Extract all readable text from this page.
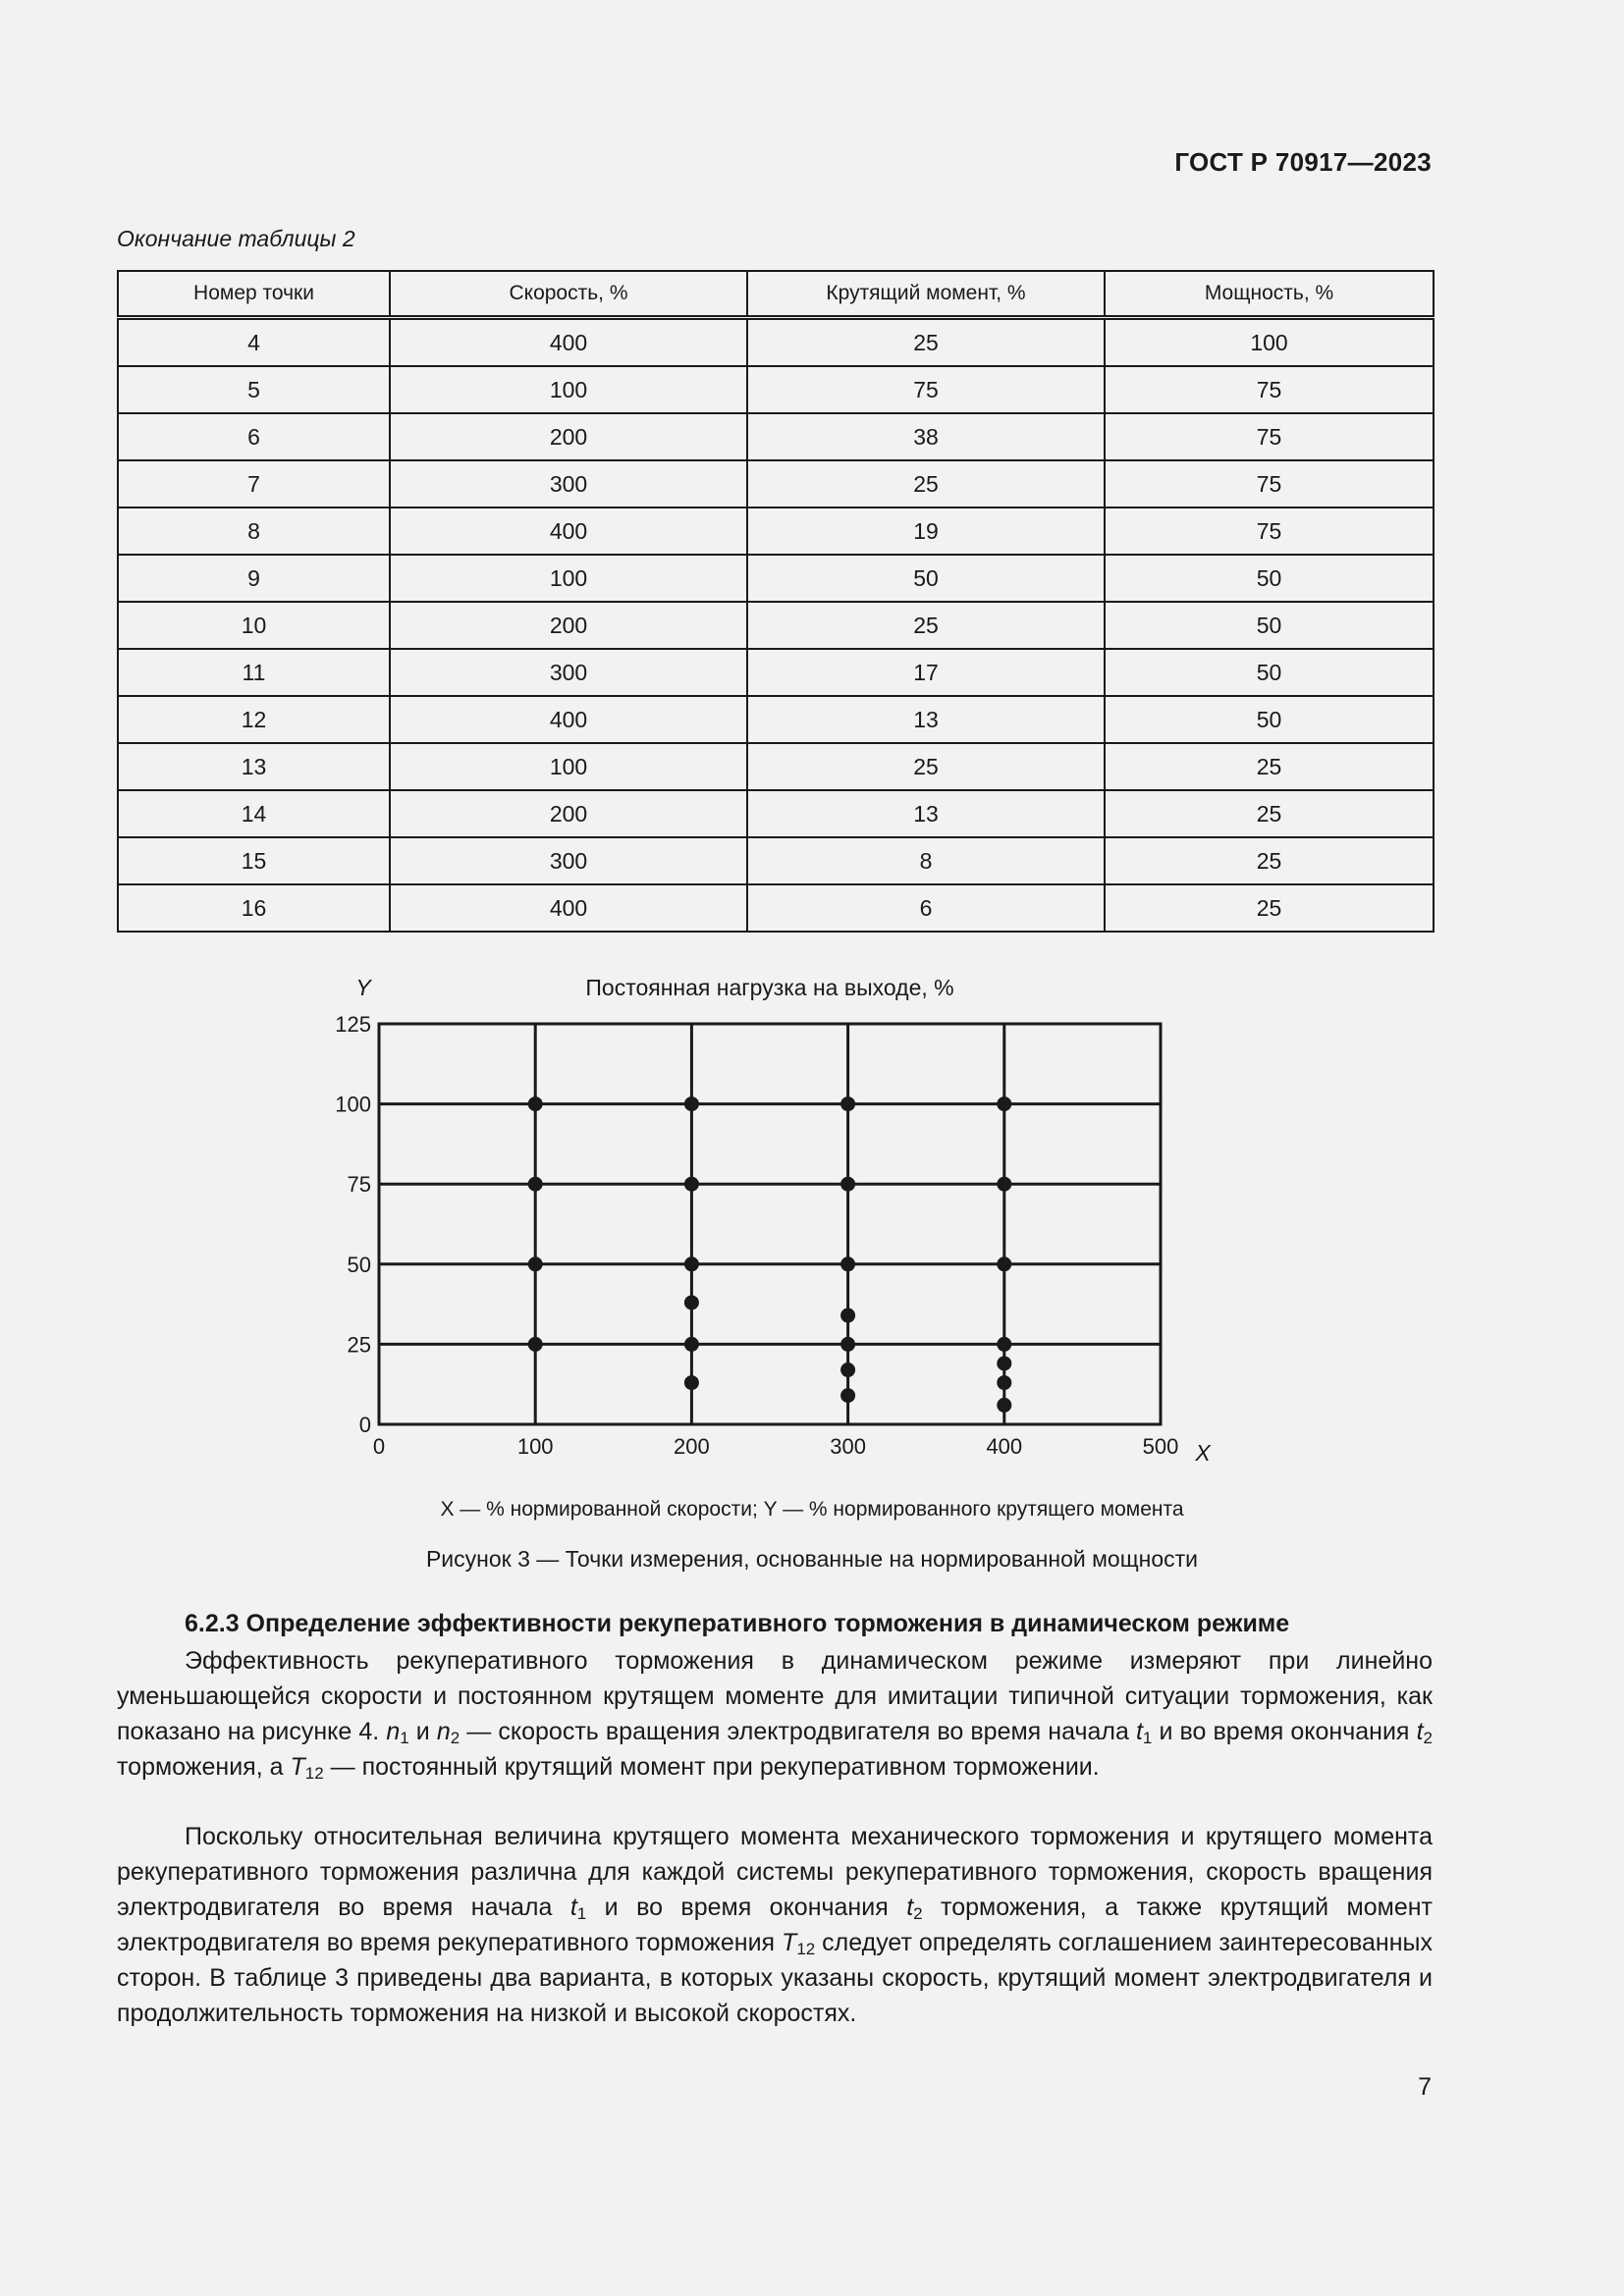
ГОСТ Р 70917—2023
Окончание таблицы 2
Номер точки	Скорость, %	Крутящий момент, %	Мощность, %
4	400	25	100
5	100	75	75
6	200	38	75
7	300	25	75
8	400	19	75
9	100	50	50
10	200	25	50
11	300	17	50
12	400	13	50
13	100	25	25
14	200	13	25
15	300	8	25
16	400	6	25
0	100	200	300	400	500
0
25
50
75
100
125
Y
X
Постоянная нагрузка на выходе, %
X — % нормированной скорости; Y — % нормированного крутящего момента
Рисунок 3 — Точки измерения, основанные на нормированной мощности
6.2.3 Определение эффективности рекуперативного торможения в динамическом режиме

Эффективность рекуперативного торможения в динамическом режиме измеряют при линейно уменьшающейся скорости и постоянном крутящем моменте для имитации типичной ситуации торможения, как показано на рисунке 4. $n_1$ и $n_2$ — скорость вращения электродвигателя во время начала $t_1$ и во время окончания $t_2$ торможения, а $T_{12}$ — постоянный крутящий момент при рекуперативном торможении.

Поскольку относительная величина крутящего момента механического торможения и крутящего момента рекуперативного торможения различна для каждой системы рекуперативного торможения, скорость вращения электродвигателя во время начала $t_1$ и во время окончания $t_2$ торможения, а также крутящий момент электродвигателя во время рекуперативного торможения $T_{12}$ следует определять соглашением заинтересованных сторон. В таблице 3 приведены два варианта, в которых указаны скорость, крутящий момент электродвигателя и продолжительность торможения на низкой и высокой скоростях.

7
